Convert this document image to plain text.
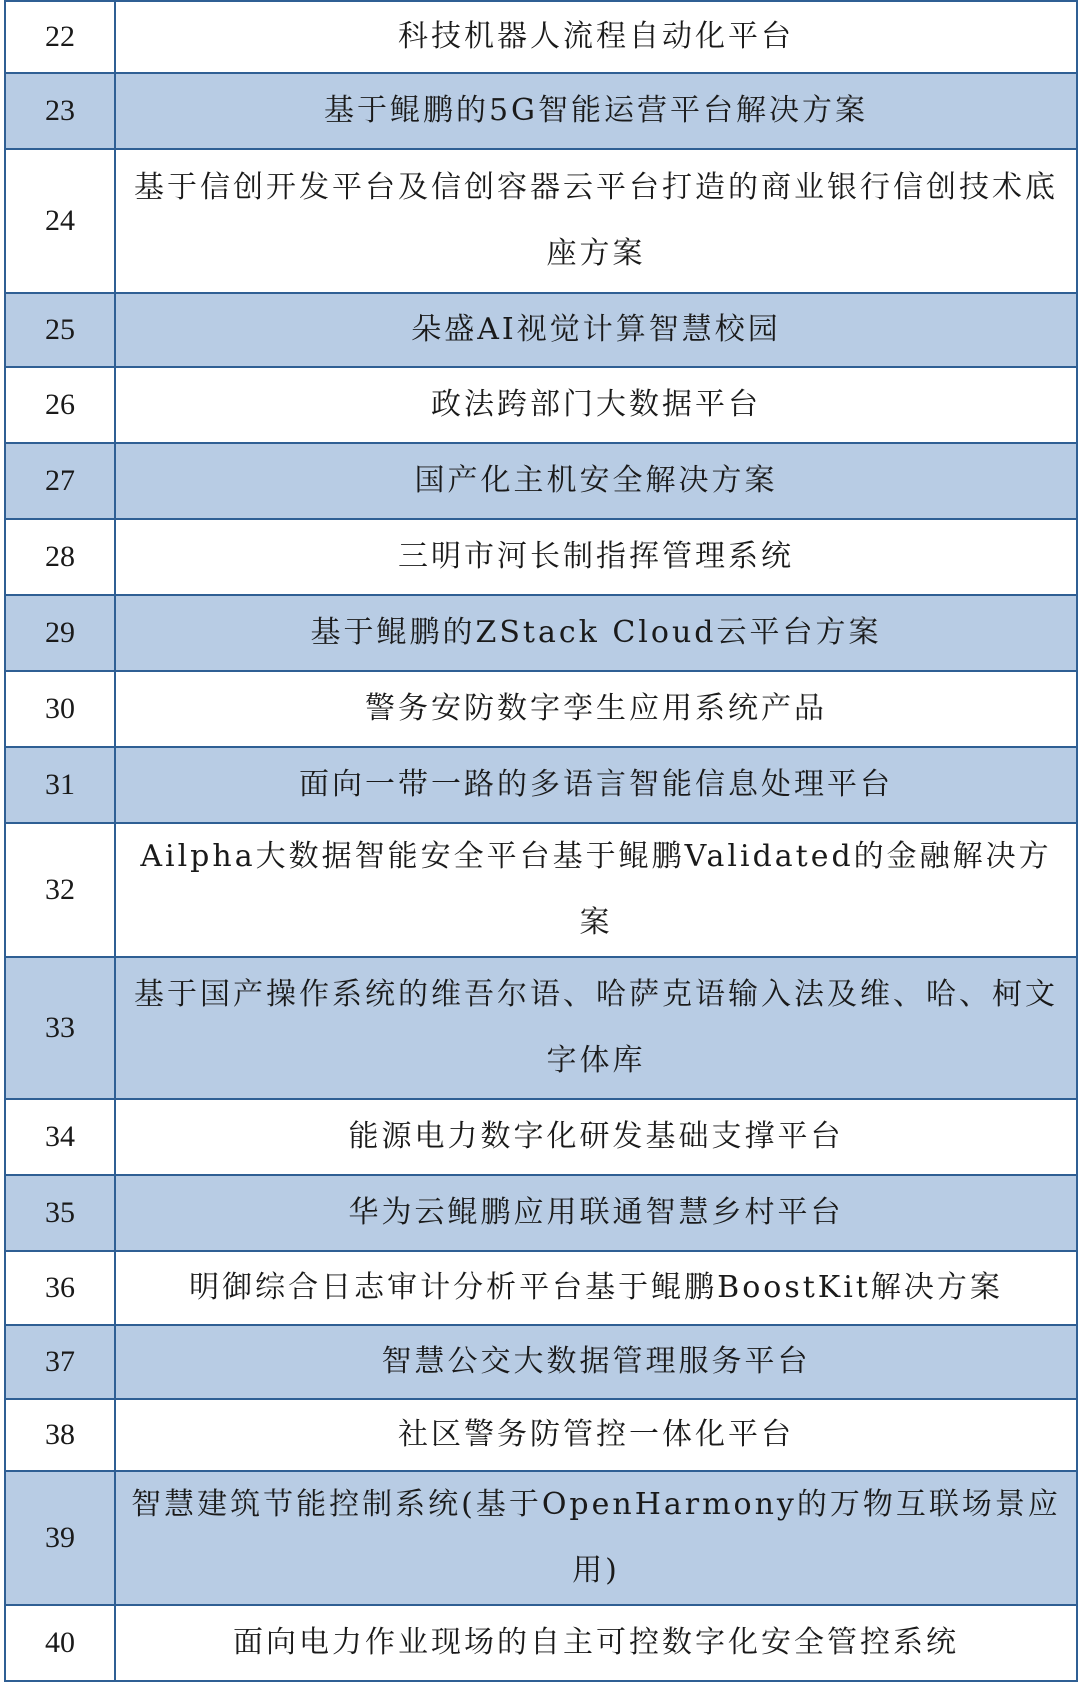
22	科技机器人流程自动化平台
23	基于鲲鹏的5G智能运营平台解决方案
24	基于信创开发平台及信创容器云平台打造的商业银行信创技术底座方案
25	朵盛AI视觉计算智慧校园
26	政法跨部门大数据平台
27	国产化主机安全解决方案
28	三明市河长制指挥管理系统
29	基于鲲鹏的ZStack Cloud云平台方案
30	警务安防数字孪生应用系统产品
31	面向一带一路的多语言智能信息处理平台
32	Ailpha大数据智能安全平台基于鲲鹏Validated的金融解决方案
33	基于国产操作系统的维吾尔语、哈萨克语输入法及维、哈、柯文字体库
34	能源电力数字化研发基础支撑平台
35	华为云鲲鹏应用联通智慧乡村平台
36	明御综合日志审计分析平台基于鲲鹏BoostKit解决方案
37	智慧公交大数据管理服务平台
38	社区警务防管控一体化平台
39	智慧建筑节能控制系统(基于OpenHarmony的万物互联场景应用)
40	面向电力作业现场的自主可控数字化安全管控系统
